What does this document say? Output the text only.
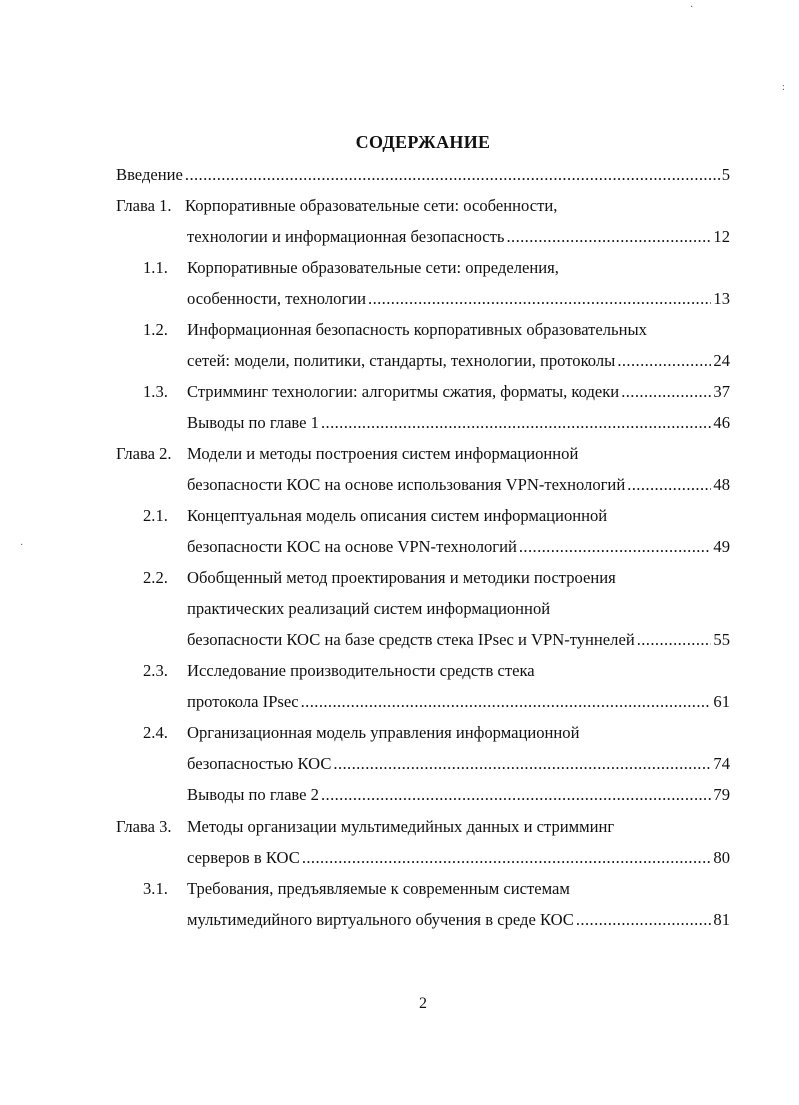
СОДЕРЖАНИЕ
Введение .....	5
Глава 1. Корпоративные образовательные сети: особенности,
технологии и информационная безопасность .....	12
1.1. Корпоративные образовательные сети: определения,
особенности, технологии .....	13
1.2. Информационная безопасность корпоративных образовательных
сетей: модели, политики, стандарты, технологии, протоколы .....	24
1.3. Стримминг технологии: алгоритмы сжатия, форматы, кодеки .....	37
Выводы по главе 1 .....	46
Глава 2. Модели и методы построения систем информационной
безопасности КОС на основе использования VPN-технологий .....	48
2.1. Концептуальная модель описания систем информационной
безопасности КОС на основе VPN-технологий .....	49
2.2. Обобщенный метод проектирования и методики построения
практических реализаций систем информационной
безопасности КОС на базе средств стека IPsec и VPN-туннелей .....	55
2.3. Исследование производительности средств стека
протокола IPsec .....	61
2.4. Организационная модель управления информационной
безопасностью КОС .....	74
Выводы по главе 2 .....	79
Глава 3. Методы организации мультимедийных данных и стримминг
серверов в КОС .....	80
3.1. Требования, предъявляемые к современным системам
мультимедийного виртуального обучения в среде КОС .....	81
2
·
:
·
